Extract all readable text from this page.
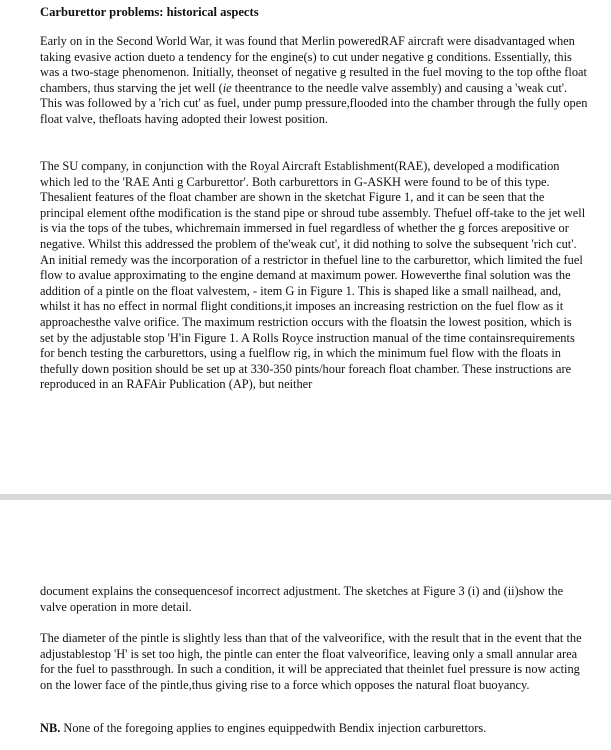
Carburettor problems: historical aspects

Early on in the Second World War, it was found that Merlin poweredRAF aircraft were disadvantaged when taking evasive action dueto a tendency for the engine(s) to cut under negative g conditions. Essentially, this was a two-stage phenomenon. Initially, theonset of negative g resulted in the fuel moving to the top ofthe float chambers, thus starving the jet well (ie theentrance to the needle valve assembly) and causing a 'weak cut'. This was followed by a 'rich cut' as fuel, under pump pressure,flooded into the chamber through the fully open float valve, thefloats having adopted their lowest position.

The SU company, in conjunction with the Royal Aircraft Establishment(RAE), developed a modification which led to the 'RAE Anti g Carburettor'. Both carburettors in G-ASKH were found to be of this type. Thesalient features of the float chamber are shown in the sketchat Figure 1, and it can be seen that the principal element ofthe modification is the stand pipe or shroud tube assembly. Thefuel off-take to the jet well is via the tops of the tubes, whichremain immersed in fuel regardless of whether the g forces arepositive or negative. Whilst this addressed the problem of the'weak cut', it did nothing to solve the subsequent 'rich cut'. An initial remedy was the incorporation of a restrictor in thefuel line to the carburettor, which limited the fuel flow to avalue approximating to the engine demand at maximum power. Howeverthe final solution was the addition of a pintle on the float valvestem, - item G in Figure 1. This is shaped like a small nailhead, and, whilst it has no effect in normal flight conditions,it imposes an increasing restriction on the fuel flow as it approachesthe valve orifice. The maximum restriction occurs with the floatsin the lowest position, which is set by the adjustable stop 'H'in Figure 1. A Rolls Royce instruction manual of the time containsrequirements for bench testing the carburettors, using a fuelflow rig, in which the minimum fuel flow with the floats in thefully down position should be set up at 330-350 pints/hour foreach float chamber. These instructions are reproduced in an RAFAir Publication (AP), but neither

document explains the consequencesof incorrect adjustment. The sketches at Figure 3 (i) and (ii)show the valve operation in more detail.

The diameter of the pintle is slightly less than that of the valveorifice, with the result that in the event that the adjustablestop 'H' is set too high, the pintle can enter the float valveorifice, leaving only a small annular area for the fuel to passthrough. In such a condition, it will be appreciated that theinlet fuel pressure is now acting on the lower face of the pintle,thus giving rise to a force which opposes the natural float buoyancy.

NB. None of the foregoing applies to engines equippedwith Bendix injection carburettors.
